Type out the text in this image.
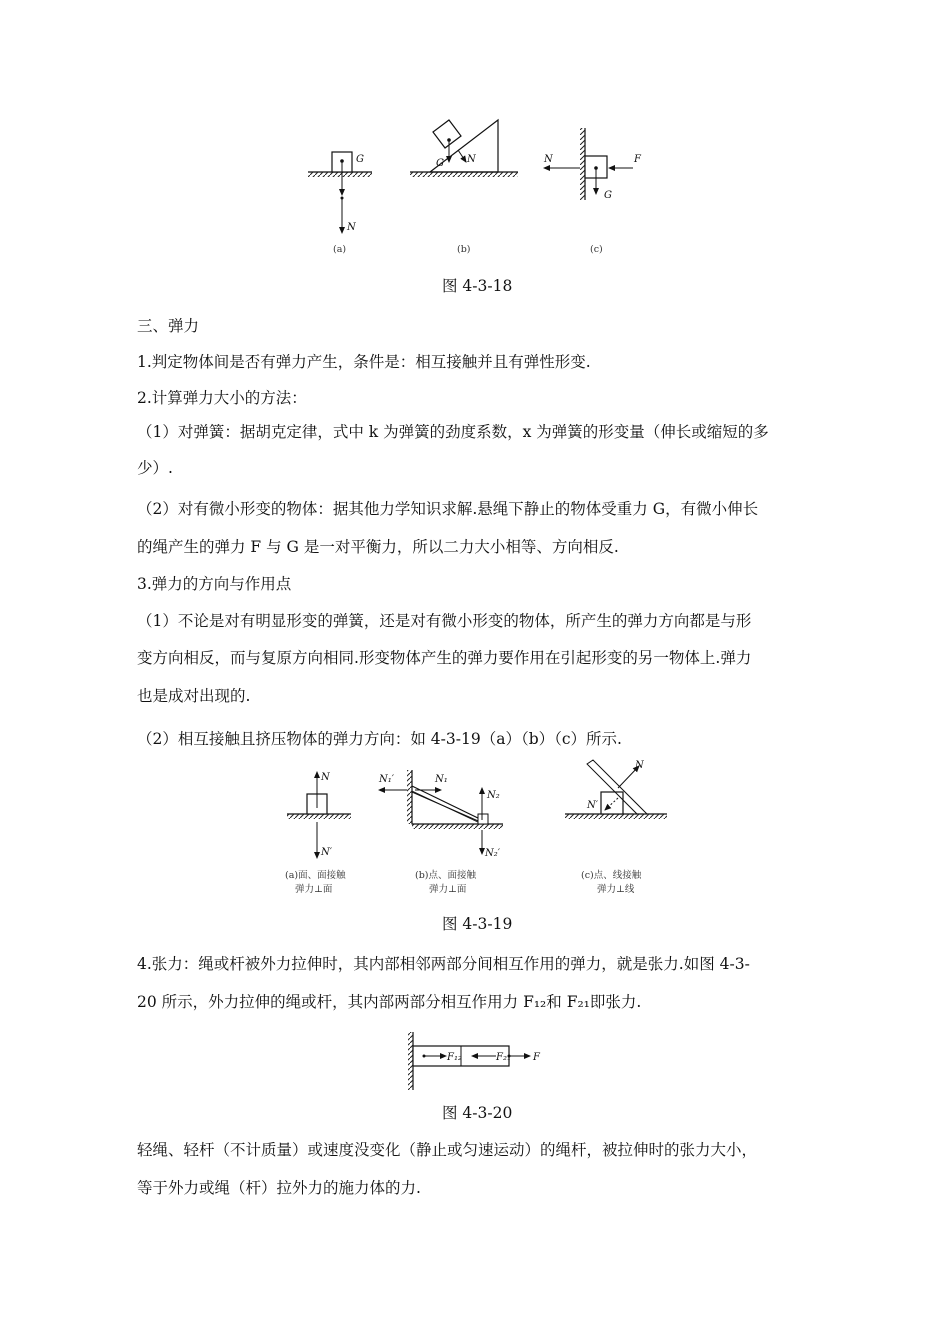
G
N
(a)
G N
(b)
N	F
G
(c)
图 4-3-18
三、弹力
1.判定物体间是否有弹力产生，条件是：相互接触并且有弹性形变.
2.计算弹力大小的方法：
（1）对弹簧：据胡克定律，式中 k 为弹簧的劲度系数，x 为弹簧的形变量（伸长或缩短的多
少）.
（2）对有微小形变的物体：据其他力学知识求解.悬绳下静止的物体受重力 G，有微小伸长
的绳产生的弹力 F 与 G 是一对平衡力，所以二力大小相等、方向相反.
3.弹力的方向与作用点
（1）不论是对有明显形变的弹簧，还是对有微小形变的物体，所产生的弹力方向都是与形
变方向相反，而与复原方向相同.形变物体产生的弹力要作用在引起形变的另一物体上.弹力
也是成对出现的.
（2）相互接触且挤压物体的弹力方向：如 4-3-19（a）（b）（c）所示.
N
N′
(a)面、面接触
弹力⊥面
N₁′	N₁
N₂
N₂′
(b)点、面接触
弹力⊥面
N
N′
(c)点、线接触
弹力⊥线
图 4-3-19
4.张力：绳或杆被外力拉伸时，其内部相邻两部分间相互作用的弹力，就是张力.如图 4-3-
20 所示，外力拉伸的绳或杆，其内部两部分相互作用力 F₁₂和 F₂₁即张力.
F₁₂	F₂₁ F
图 4-3-20
轻绳、轻杆（不计质量）或速度没变化（静止或匀速运动）的绳杆，被拉伸时的张力大小，
等于外力或绳（杆）拉外力的施力体的力.
